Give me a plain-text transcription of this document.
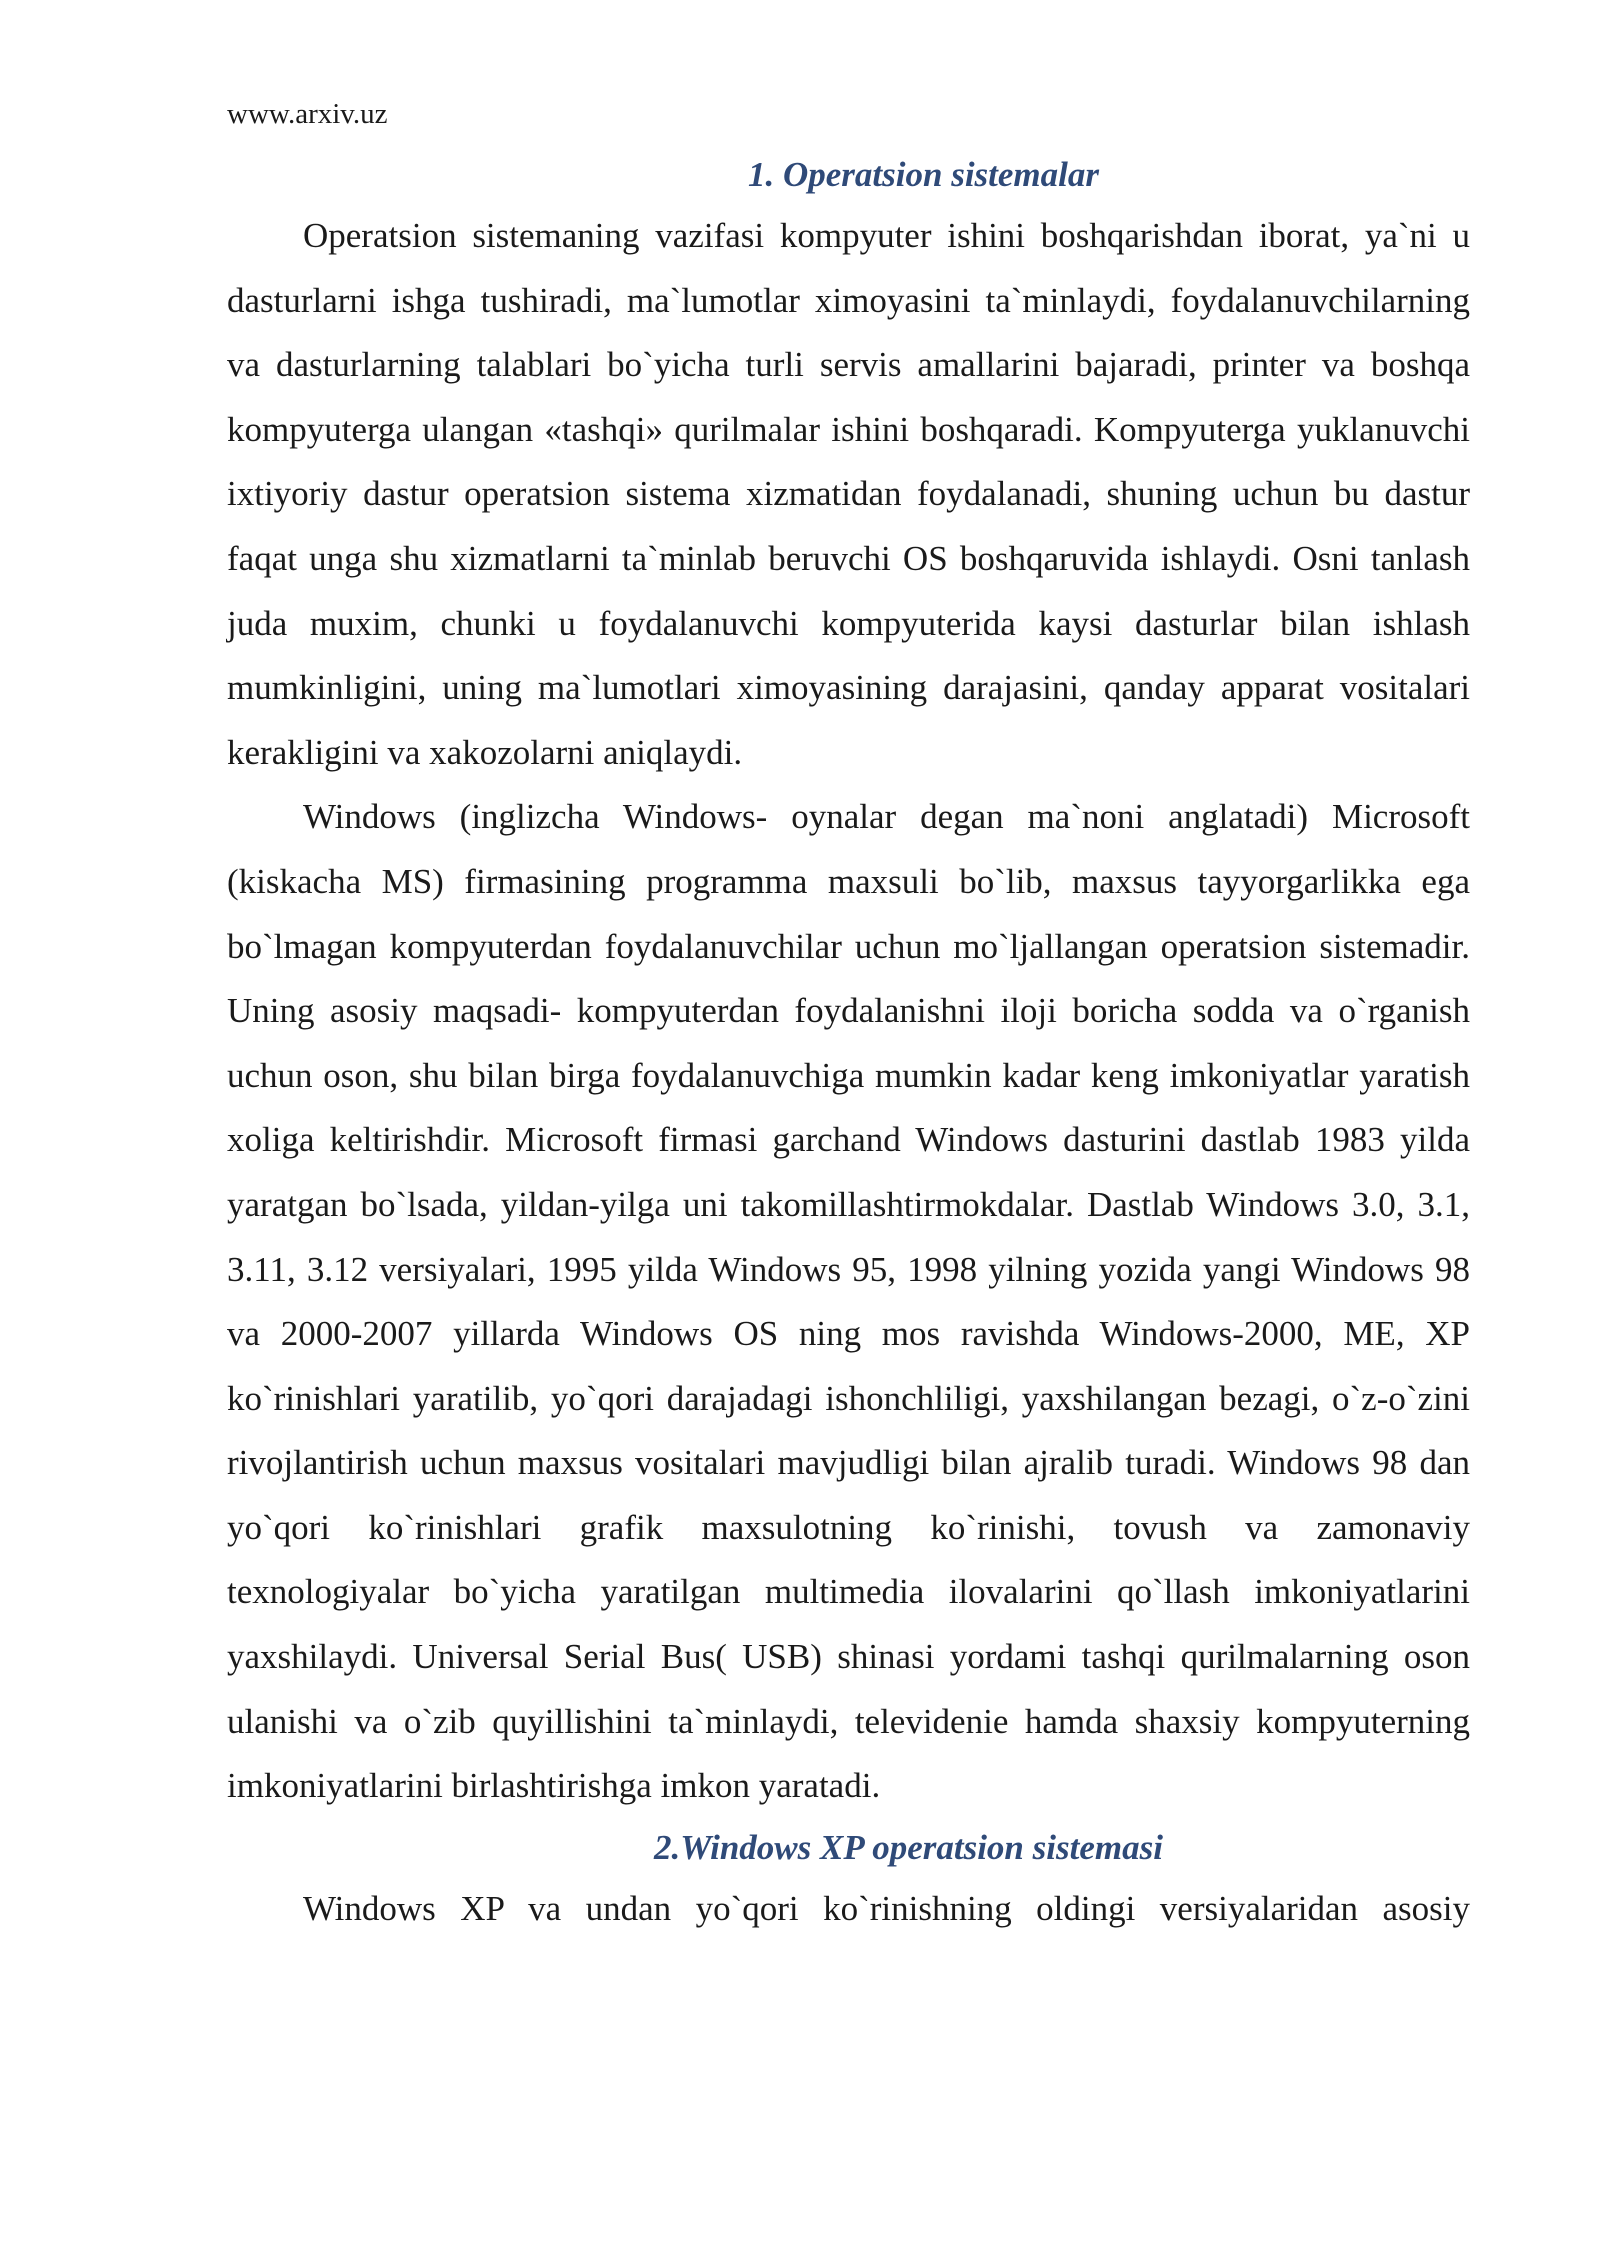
www.arxiv.uz
1. Operatsion sistemalar

Operatsion sistemaning vazifasi kompyuter ishini boshqarishdan iborat, ya`ni u dasturlarni ishga tushiradi, ma`lumotlar ximoyasini ta`minlaydi, foydalanuvchilarning va dasturlarning talablari bo`yicha turli servis amallarini bajaradi, printer va boshqa kompyuterga ulangan «tashqi» qurilmalar ishini boshqaradi. Kompyuterga yuklanuvchi ixtiyoriy dastur operatsion sistema xizmatidan foydalanadi, shuning uchun bu dastur faqat unga shu xizmatlarni ta`minlab beruvchi OS boshqaruvida ishlaydi. Osni tanlash juda muxim, chunki u foydalanuvchi kompyuterida kaysi dasturlar bilan ishlash mumkinligini, uning ma`lumotlari ximoyasining darajasini, qanday apparat vositalari kerakligini va xakozolarni aniqlaydi.

Windows (inglizcha Windows- oynalar degan ma`noni anglatadi) Microsoft (kiskacha MS) firmasining programma maxsuli bo`lib, maxsus tayyorgarlikka ega bo`lmagan kompyuterdan foydalanuvchilar uchun mo`ljallangan operatsion sistemadir. Uning asosiy maqsadi- kompyuterdan foydalanishni iloji boricha sodda va o`rganish uchun oson, shu bilan birga foydalanuvchiga mumkin kadar keng imkoniyatlar yaratish xoliga keltirishdir. Microsoft firmasi garchand Windows dasturini dastlab 1983 yilda yaratgan bo`lsada, yildan-yilga uni takomillashtirmokdalar. Dastlab Windows 3.0, 3.1, 3.11, 3.12 versiyalari, 1995 yilda Windows 95, 1998 yilning yozida yangi Windows 98 va 2000-2007 yillarda Windows OS ning mos ravishda Windows-2000, ME, XP ko`rinishlari yaratilib, yo`qori darajadagi ishonchliligi, yaxshilangan bezagi, o`z-o`zini rivojlantirish uchun maxsus vositalari mavjudligi bilan ajralib turadi. Windows 98 dan yo`qori ko`rinishlari grafik maxsulotning ko`rinishi, tovush va zamonaviy texnologiyalar bo`yicha yaratilgan multimedia ilovalarini qo`llash imkoniyatlarini yaxshilaydi. Universal Serial Bus( USB) shinasi yordami tashqi qurilmalarning oson ulanishi va o`zib quyillishini ta`minlaydi, televidenie hamda shaxsiy kompyuterning imkoniyatlarini birlashtirishga imkon yaratadi.

2.Windows XP operatsion sistemasi

Windows XP va undan yo`qori ko`rinishning oldingi versiyalaridan asosiy
